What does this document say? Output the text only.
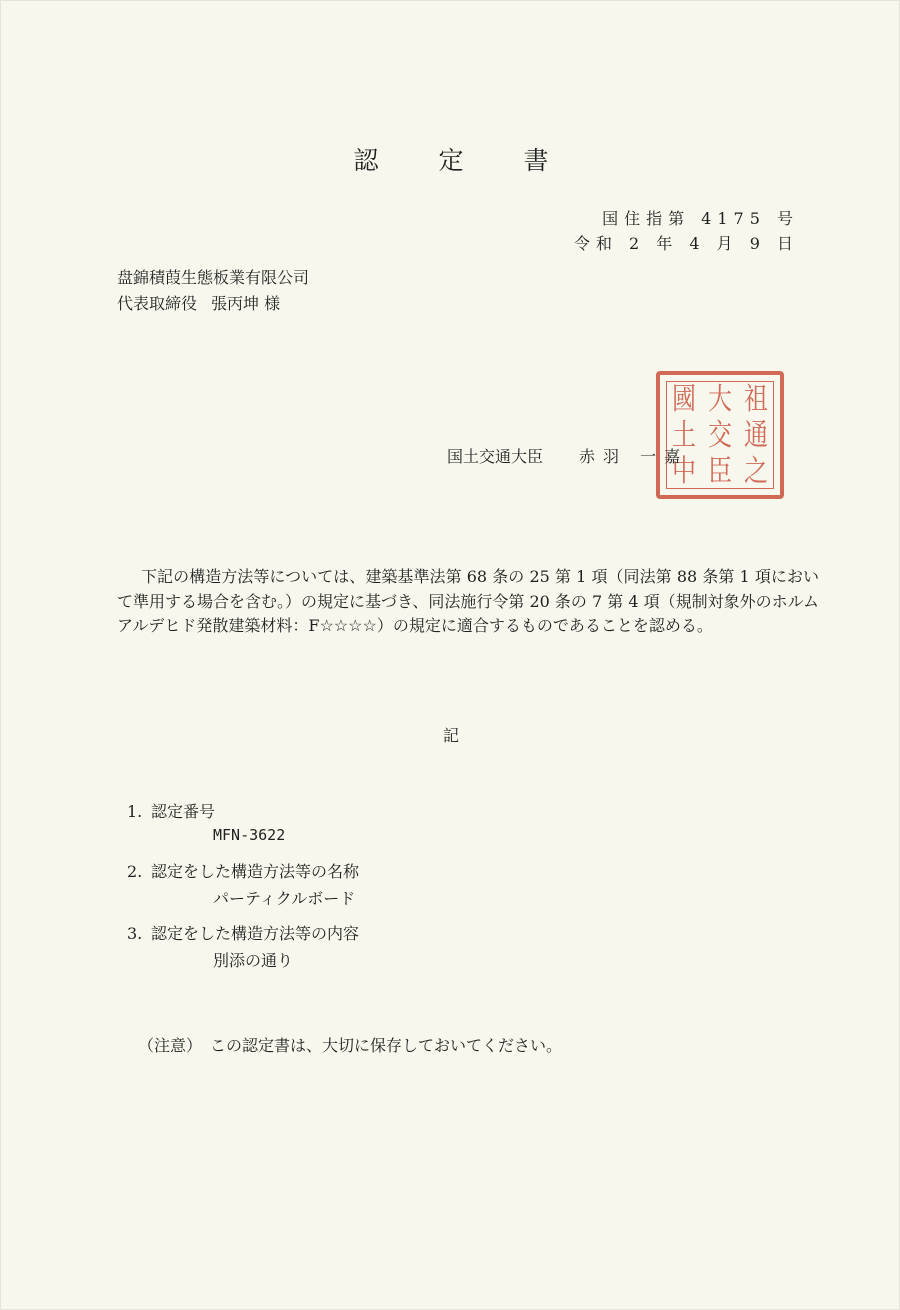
認 定 書
国住指第 4175 号
令和 2 年 4 月 9 日
盘錦積葭生態板業有限公司
代表取締役 張丙坤 様
國 大 祖
土 交 通
中 臣 之
国土交通大臣 赤羽 一嘉
下記の構造方法等については、建築基準法第 68 条の 25 第 1 項（同法第 88 条第 1 項において準用する場合を含む。）の規定に基づき、同法施行令第 20 条の 7 第 4 項（規制対象外のホルムアルデヒド発散建築材料：F☆☆☆☆）の規定に適合するものであることを認める。
記
1. 認定番号
MFN-3622
2. 認定をした構造方法等の名称
パーティクルボード
3. 認定をした構造方法等の内容
別添の通り
（注意） この認定書は、大切に保存しておいてください。
